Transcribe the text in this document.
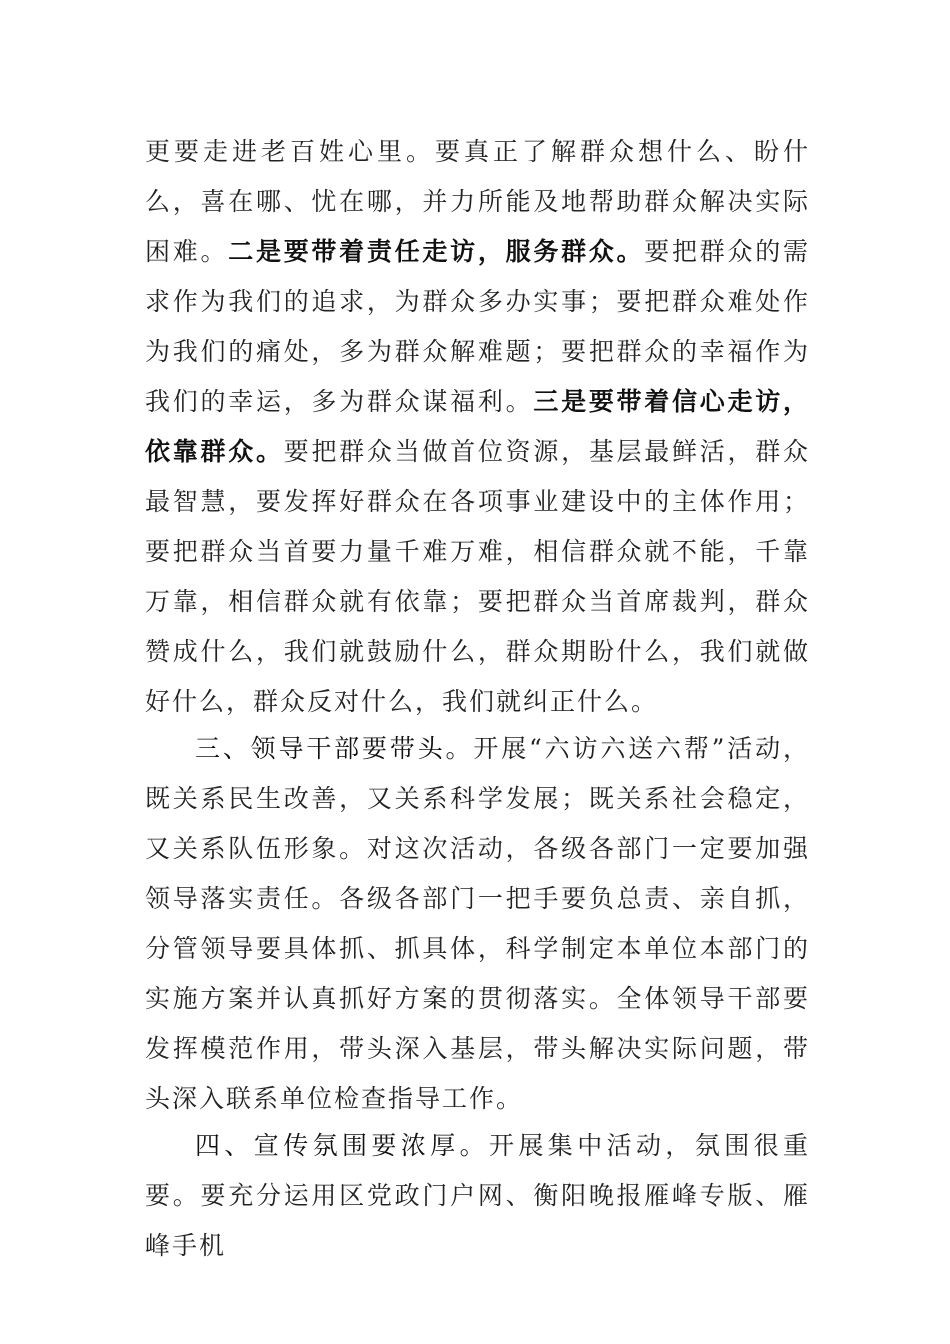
更要走进老百姓心里。要真正了解群众想什么、盼什么，喜在哪、忧在哪，并力所能及地帮助群众解决实际困难。二是要带着责任走访，服务群众。要把群众的需求作为我们的追求，为群众多办实事；要把群众难处作为我们的痛处，多为群众解难题；要把群众的幸福作为我们的幸运，多为群众谋福利。三是要带着信心走访，依靠群众。要把群众当做首位资源，基层最鲜活，群众最智慧，要发挥好群众在各项事业建设中的主体作用；要把群众当首要力量千难万难，相信群众就不能，千靠万靠，相信群众就有依靠；要把群众当首席裁判，群众赞成什么，我们就鼓励什么，群众期盼什么，我们就做好什么，群众反对什么，我们就纠正什么。

三、领导干部要带头。开展“六访六送六帮”活动，既关系民生改善，又关系科学发展；既关系社会稳定，又关系队伍形象。对这次活动，各级各部门一定要加强领导落实责任。各级各部门一把手要负总责、亲自抓，分管领导要具体抓、抓具体，科学制定本单位本部门的实施方案并认真抓好方案的贯彻落实。全体领导干部要发挥模范作用，带头深入基层，带头解决实际问题，带头深入联系单位检查指导工作。

四、宣传氛围要浓厚。开展集中活动，氛围很重要。要充分运用区党政门户网、衡阳晚报雁峰专版、雁峰手机
